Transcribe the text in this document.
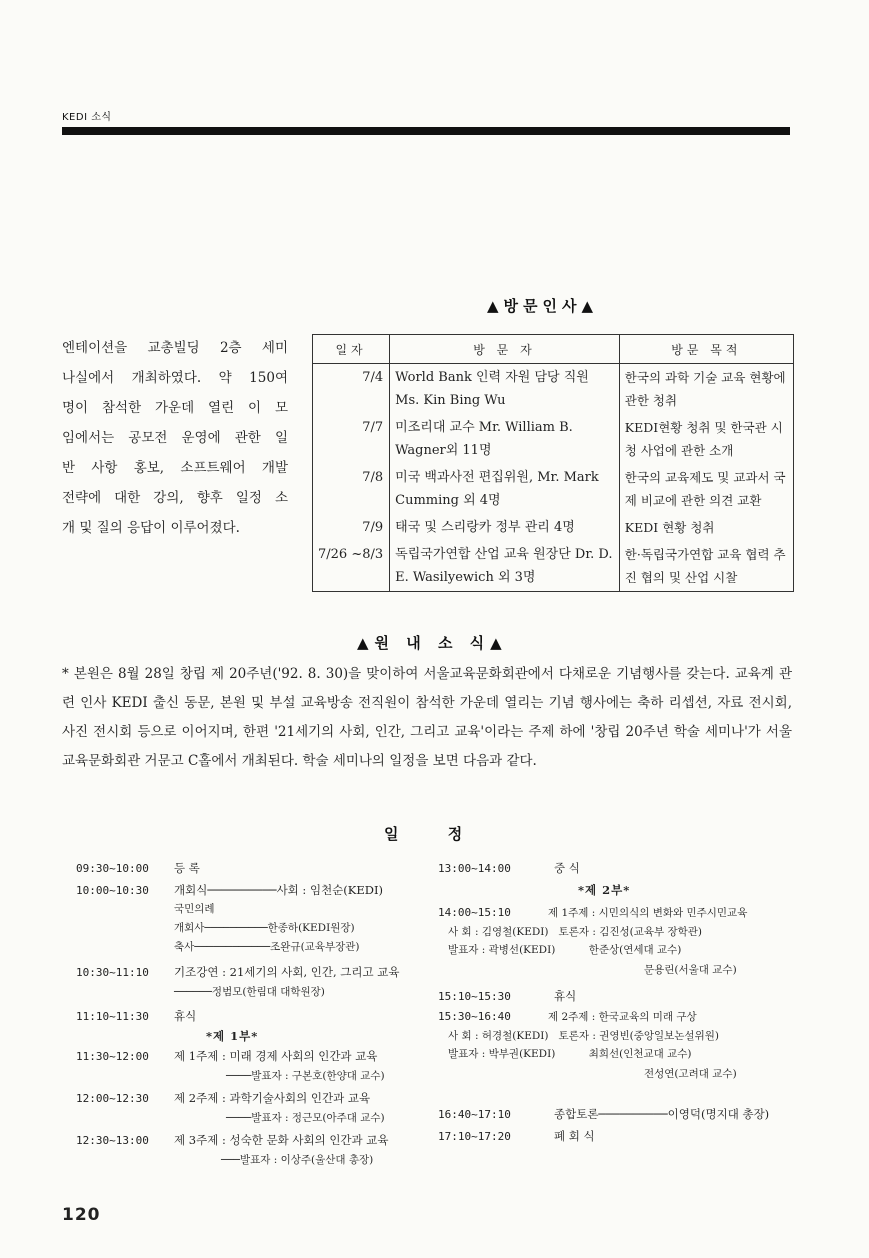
KEDI 소식
▲방문인사▲
엔테이션을 교총빌딩 2층 세미
나실에서 개최하였다. 약 150여
명이 참석한 가운데 열린 이 모
임에서는 공모전 운영에 관한 일
반 사항 홍보, 소프트웨어 개발
전략에 대한 강의, 향후 일정 소
개 및 질의 응답이 이루어졌다.
일자	방 문 자	방문 목적
7/4	World Bank 인력 자원 담당 직원 Ms. Kin Bing Wu	한국의 과학 기술 교육 현황에 관한 청취
7/7	미조리대 교수 Mr. William B. Wagner외 11명	KEDI현황 청취 및 한국관 시청 사업에 관한 소개
7/8	미국 백과사전 편집위원, Mr. Mark Cumming 외 4명	한국의 교육제도 및 교과서 국제 비교에 관한 의견 교환
7/9	태국 및 스리랑카 정부 관리 4명	KEDI 현황 청취
7/26 ~8/3	독립국가연합 산업 교육 원장단 Dr. D. E. Wasilyewich 외 3명	한·독립국가연합 교육 협력 추진 협의 및 산업 시찰
▲원 내 소 식▲
* 본원은 8월 28일 창립 제 20주년('92. 8. 30)을 맞이하여 서울교육문화회관에서 다채로운 기념행사를 갖는다. 교육계 관련 인사 KEDI 출신 동문, 본원 및 부설 교육방송 전직원이 참석한 가운데 열리는 기념 행사에는 축하 리셉션, 자료 전시회, 사진 전시회 등으로 이어지며, 한편 '21세기의 사회, 인간, 그리고 교육'이라는 주제 하에 '창립 20주년 학술 세미나'가 서울교육문화회관 거문고 C홀에서 개최된다. 학술 세미나의 일정을 보면 다음과 같다.
일 정
09:30~10:00 등 록
10:00~10:30 개회식──────────사회 : 임천순(KEDI)
국민의례
개회사──────────한종하(KEDI원장)
축사────────────조완규(교육부장관)
10:30~11:10 기조강연 : 21세기의 사회, 인간, 그리고 교육
──────정범모(한림대 대학원장)
11:10~11:30 휴식
*제 1부*
11:30~12:00 제 1주제 : 미래 경제 사회의 인간과 교육
────발표자 : 구본호(한양대 교수)
12:00~12:30 제 2주제 : 과학기술사회의 인간과 교육
────발표자 : 정근모(아주대 교수)
12:30~13:00 제 3주제 : 성숙한 문화 사회의 인간과 교육
───발표자 : 이상주(울산대 총장)
13:00~14:00	중 식
*제 2부*
14:00~15:10	제 1주제 : 시민의식의 변화와 민주시민교육
사 회 : 김영철(KEDI)   토론자 : 김진성(교육부 장학관)
발표자 : 곽병선(KEDI)          한준상(연세대 교수)
문용린(서울대 교수)
15:10~15:30	휴식
15:30~16:40	제 2주제 : 한국교육의 미래 구상
사 회 : 허경철(KEDI)   토론자 : 권영빈(중앙일보논설위원)
발표자 : 박부권(KEDI)          최희선(인천교대 교수)
전성연(고려대 교수)
16:40~17:10	종합토론──────────이영덕(명지대 총장)
17:10~17:20	폐 회 식
120
